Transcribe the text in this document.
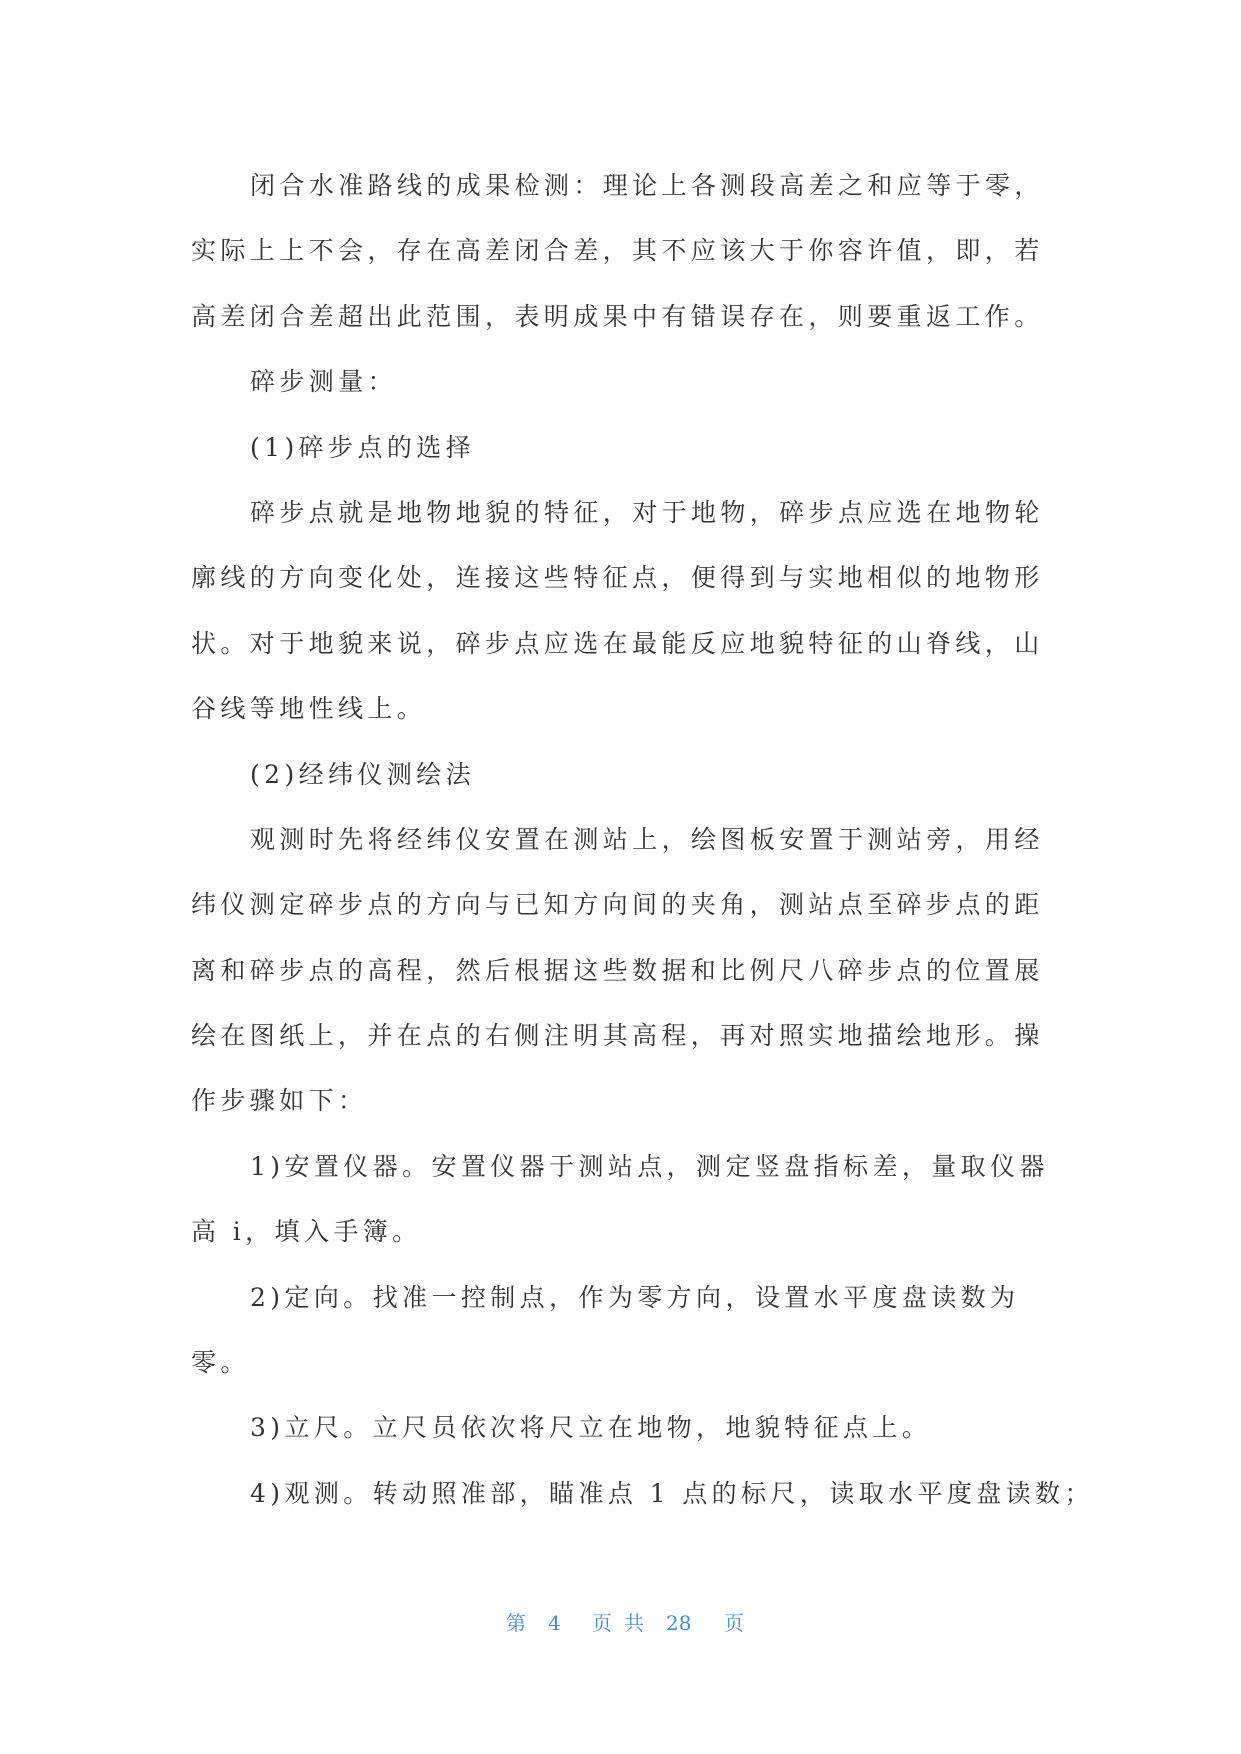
闭合水准路线的成果检测：理论上各测段高差之和应等于零，
实际上上不会，存在高差闭合差，其不应该大于你容许值，即，若
高差闭合差超出此范围，表明成果中有错误存在，则要重返工作。
碎步测量：
(1)碎步点的选择
碎步点就是地物地貌的特征，对于地物，碎步点应选在地物轮
廓线的方向变化处，连接这些特征点，便得到与实地相似的地物形
状。对于地貌来说，碎步点应选在最能反应地貌特征的山脊线，山
谷线等地性线上。
(2)经纬仪测绘法
观测时先将经纬仪安置在测站上，绘图板安置于测站旁，用经
纬仪测定碎步点的方向与已知方向间的夹角，测站点至碎步点的距
离和碎步点的高程，然后根据这些数据和比例尺八碎步点的位置展
绘在图纸上，并在点的右侧注明其高程，再对照实地描绘地形。操
作步骤如下：
1)安置仪器。安置仪器于测站点，测定竖盘指标差，量取仪器
高 i，填入手簿。
2)定向。找准一控制点，作为零方向，设置水平度盘读数为
零。
3)立尺。立尺员依次将尺立在地物，地貌特征点上。
4)观测。转动照准部，瞄准点 1 点的标尺，读取水平度盘读数；
第 4 页共 28 页
